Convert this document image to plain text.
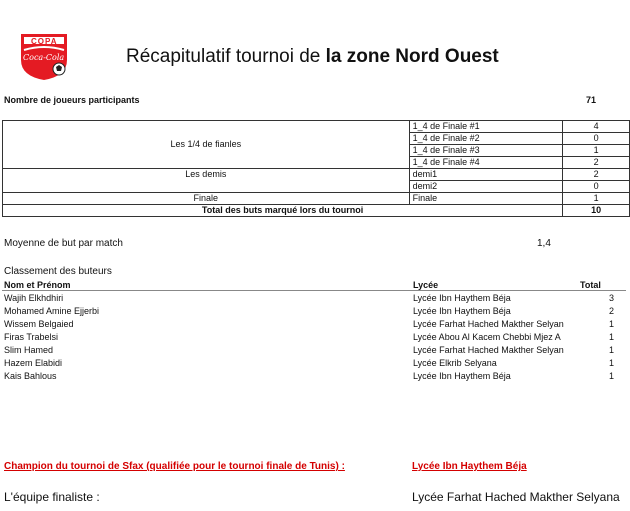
COPA
Coca-Cola	Récapitulatif tournoi de la zone Nord Ouest
Nombre de joueurs participants	71
Les 1/4 de fianles	1_4 de Finale #1	4
	1_4 de Finale #2	0
	1_4 de Finale #3	1
	1_4 de Finale #4	2
Les demis	demi1	2
	demi2	0
Finale	Finale	1
Total des buts marqué lors du tournoi		10
Moyenne de but par match	1,4
Classement des buteurs
Nom et Prénom	Lycée	Total
Wajih Elkhdhiri	Lycée Ibn Haythem Béja	3
Mohamed Amine Ejjerbi	Lycée Ibn Haythem Béja	2
Wissem Belgaied	Lycée Farhat Hached Makther Selyan	1
Firas Trabelsi	Lycée Abou Al Kacem Chebbi Mjez A	1
Slim Hamed	Lycée Farhat Hached Makther Selyan	1
Hazem Elabidi	Lycée Elkrib Selyana	1
Kais Bahlous	Lycée Ibn Haythem Béja	1
Champion du tournoi de Sfax (qualifiée pour le tournoi finale de Tunis) :	Lycée Ibn Haythem Béja
L'équipe finaliste :	Lycée Farhat Hached Makther Selyana
